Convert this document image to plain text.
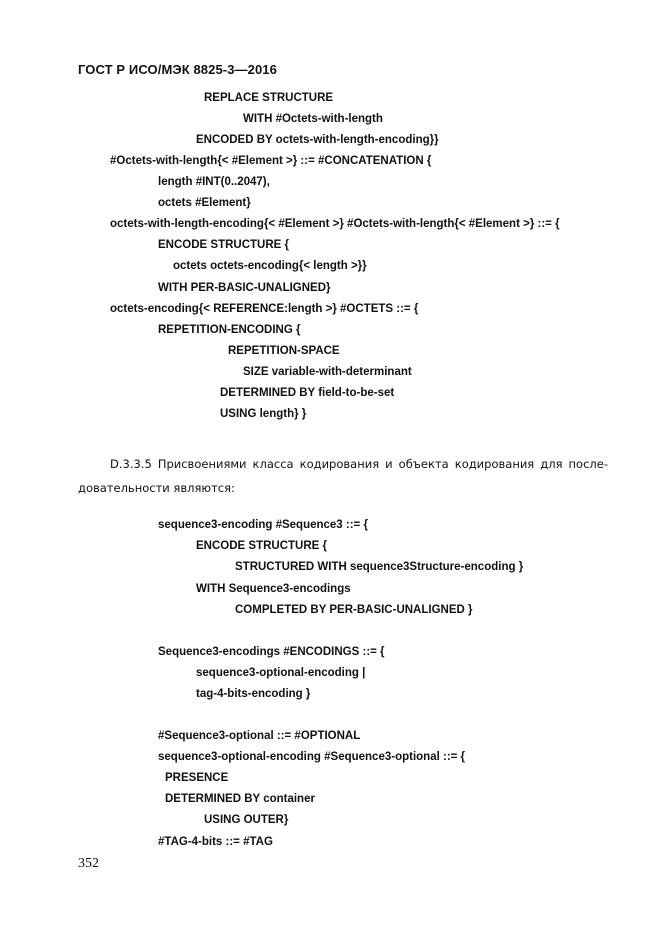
ГОСТ Р ИСО/МЭК 8825-3—2016
REPLACE STRUCTURE
WITH #Octets-with-length
ENCODED BY octets-with-length-encoding}}
#Octets-with-length{< #Element >} ::= #CONCATENATION {
length #INT(0..2047),
octets #Element}
octets-with-length-encoding{< #Element >} #Octets-with-length{< #Element >} ::= {
ENCODE STRUCTURE {
octets octets-encoding{< length >}}
WITH PER-BASIC-UNALIGNED}
octets-encoding{< REFERENCE:length >} #OCTETS ::= {
REPETITION-ENCODING {
REPETITION-SPACE
SIZE variable-with-determinant
DETERMINED BY field-to-be-set
USING length} }
D.3.3.5 Присвоениями класса кодирования и объекта кодирования для после- довательности являются:
sequence3-encoding #Sequence3 ::= {
ENCODE STRUCTURE {
STRUCTURED WITH sequence3Structure-encoding }
WITH Sequence3-encodings
COMPLETED BY PER-BASIC-UNALIGNED }
Sequence3-encodings #ENCODINGS ::= {
sequence3-optional-encoding |
tag-4-bits-encoding }
#Sequence3-optional ::= #OPTIONAL
sequence3-optional-encoding #Sequence3-optional ::= {
PRESENCE
DETERMINED BY container
USING OUTER}
#TAG-4-bits ::= #TAG
352
